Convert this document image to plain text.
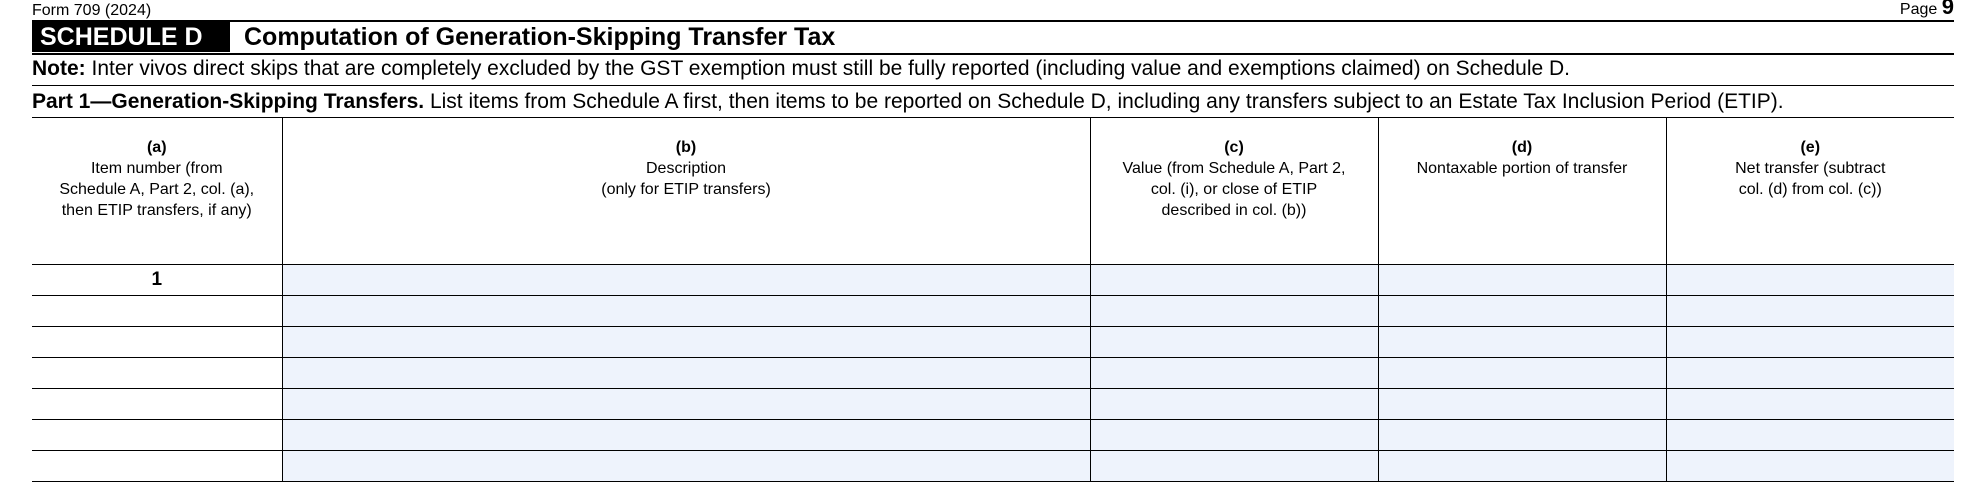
Form 709 (2024)	Page 9
SCHEDULE D	Computation of Generation-Skipping Transfer Tax
Note: Inter vivos direct skips that are completely excluded by the GST exemption must still be fully reported (including value and exemptions claimed) on Schedule D.
Part 1—Generation-Skipping Transfers. List items from Schedule A first, then items to be reported on Schedule D, including any transfers subject to an Estate Tax Inclusion Period (ETIP).
(a)
Item number (from
Schedule A, Part 2, col. (a),
then ETIP transfers, if any)	(b)
Description
(only for ETIP transfers)	(c)
Value (from Schedule A, Part 2,
col. (i), or close of ETIP
described in col. (b))	(d)
Nontaxable portion of transfer	(e)
Net transfer (subtract
col. (d) from col. (c))
1				
